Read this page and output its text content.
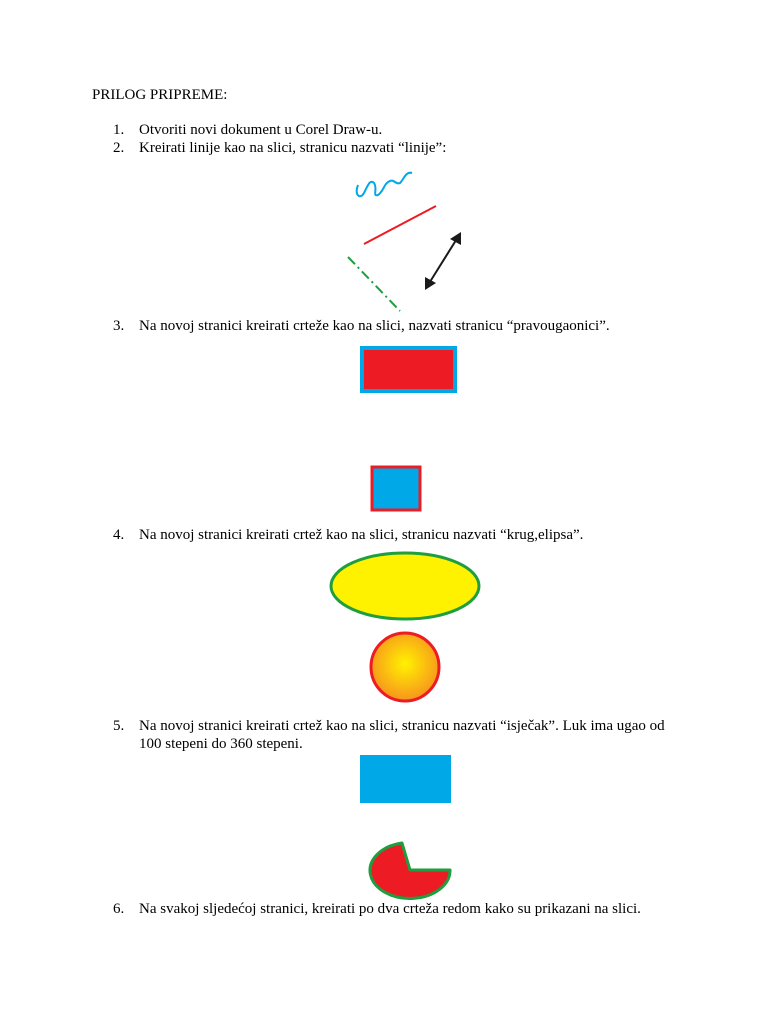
PRILOG PRIPREME:
1. Otvoriti novi dokument u Corel Draw-u.
2. Kreirati linije kao na slici, stranicu nazvati “linije”:
3. Na novoj stranici kreirati crteže kao na slici, nazvati stranicu “pravougaonici”.
4. Na novoj stranici kreirati crtež kao na slici, stranicu nazvati “krug,elipsa”.
5. Na novoj stranici kreirati crtež kao na slici, stranicu nazvati “isječak”. Luk ima ugao od 100 stepeni do 360 stepeni.
6. Na svakoj sljedećoj stranici, kreirati po dva crteža redom kako su prikazani na slici.
